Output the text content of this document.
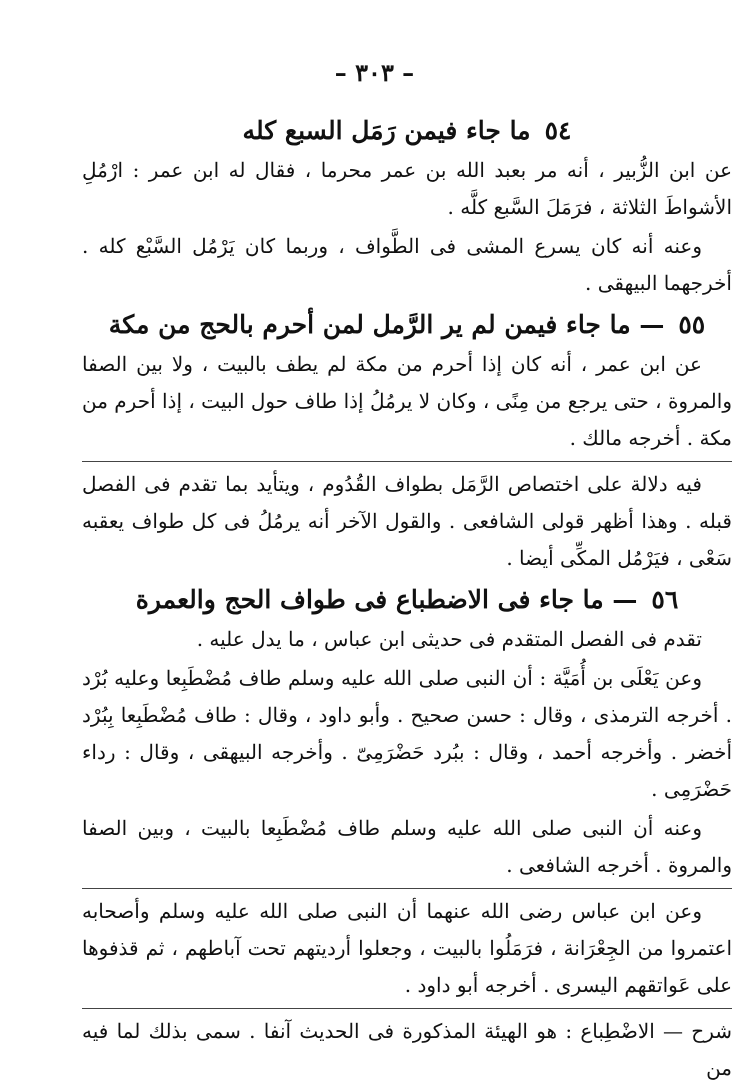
– ٣٠٣ –
٥٤ما جاء فيمن رَمَل السبع كله

عن ابن الزُّبير ، أنه مر بعبد الله بن عمر محرما ، فقال له ابن عمر : ارْمُلِ الأشواطَ الثلاثة ، فرَمَلَ السَّبع كلَّه .

وعنه أنه كان يسرع المشى فى الطَّواف ، وربما كان يَرْمُل السَّبْع كله . أخرجهما البيهقى .

٥٥— ما جاء فيمن لم ير الرَّمل لمن أحرم بالحج من مكة

عن ابن عمر ، أنه كان إذا أحرم من مكة لم يطف بالبيت ، ولا بين الصفا والمروة ، حتى يرجع من مِنًى ، وكان لا يرمُلُ إذا طاف حول البيت ، إذا أحرم من مكة . أخرجه مالك .

فيه دلالة على اختصاص الرَّمَل بطواف القُدُوم ، ويتأيد بما تقدم فى الفصل قبله . وهذا أظهر قولى الشافعى . والقول الآخر أنه يرمُلُ فى كل طواف يعقبه سَعْى ، فيَرْمُل المكِّى أيضا .

٥٦— ما جاء فى الاضطباع فى طواف الحج والعمرة

تقدم فى الفصل المتقدم فى حديثى ابن عباس ، ما يدل عليه .

وعن يَعْلَى بن أُمَيَّة : أن النبى صلى الله عليه وسلم طاف مُضْطَبِعا وعليه بُرْد . أخرجه الترمذى ، وقال : حسن صحيح . وأبو داود ، وقال : طاف مُضْطَبِعا بِبُرْد أخضر . وأخرجه أحمد ، وقال : ببُرد حَضْرَمِىّ . وأخرجه البيهقى ، وقال : رداء حَضْرَمِى .

وعنه أن النبى صلى الله عليه وسلم طاف مُضْطَبِعا بالبيت ، وبين الصفا والمروة . أخرجه الشافعى .

وعن ابن عباس رضى الله عنهما أن النبى صلى الله عليه وسلم وأصحابه اعتمروا من الجِعْرَانة ، فرَمَلُوا بالبيت ، وجعلوا أرديتهم تحت آباطهم ، ثم قذفوها على عَواتقهم اليسرى . أخرجه أبو داود .

شرح — الاضْطِباع : هو الهيئة المذكورة فى الحديث آنفا . سمى بذلك لما فيه من
